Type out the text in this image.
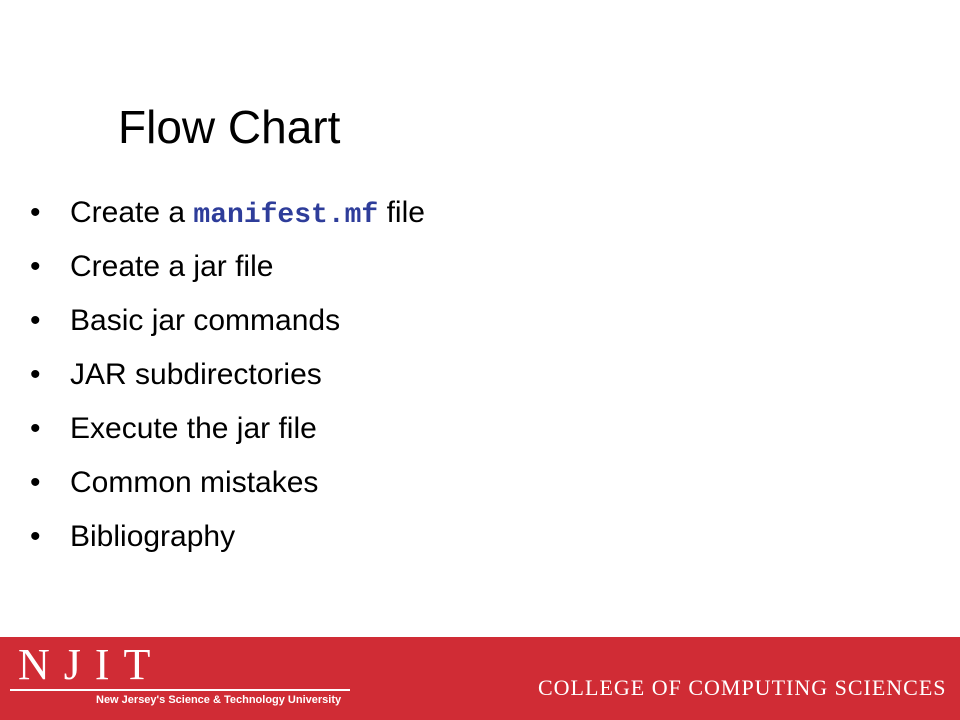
Flow Chart
• Create a manifest.mf file
• Create a jar file
• Basic jar commands
• JAR subdirectories
• Execute the jar file
• Common mistakes
• Bibliography
NJIT
New Jersey's Science & Technology University	COLLEGE OF COMPUTING SCIENCES
